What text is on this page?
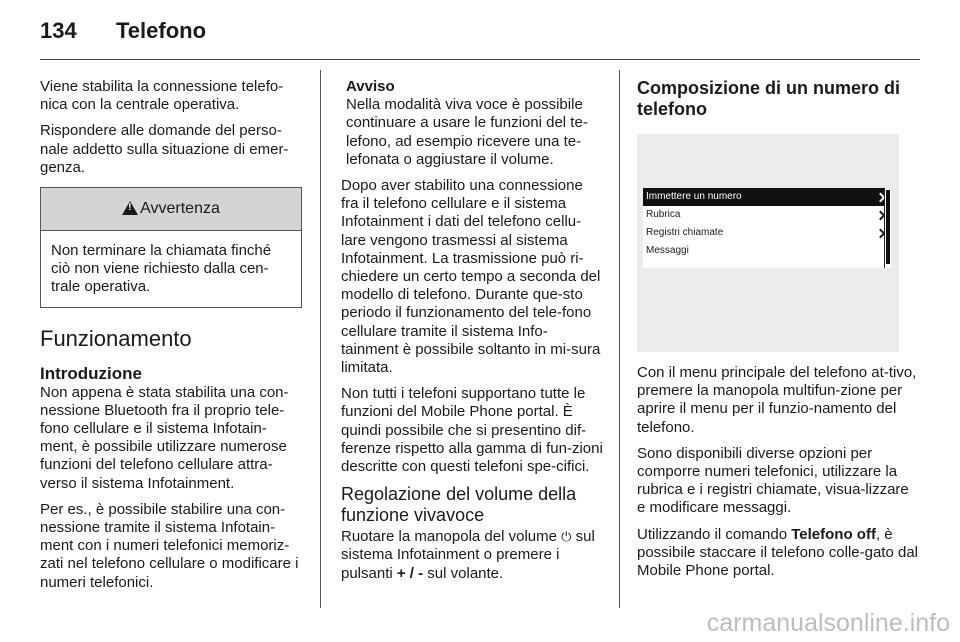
134 Telefono

Viene stabilita la connessione telefo-nica con la centrale operativa.

Rispondere alle domande del perso-nale addetto sulla situazione di emer-genza.

!
Avvertenza
Non terminare la chiamata finché ciò non viene richiesto dalla cen-trale operativa.
Funzionamento
Introduzione

Non appena è stata stabilita una con-nessione Bluetooth fra il proprio tele-fono cellulare e il sistema Infotain-ment, è possibile utilizzare numerose funzioni del telefono cellulare attra-verso il sistema Infotainment.

Per es., è possibile stabilire una con-nessione tramite il sistema Infotain-ment con i numeri telefonici memoriz-zati nel telefono cellulare o modificare i numeri telefonici.

Avviso
Nella modalità viva voce è possibile continuare a usare le funzioni del te-lefono, ad esempio ricevere una te-lefonata o aggiustare il volume.

Dopo aver stabilito una connessione fra il telefono cellulare e il sistema Infotainment i dati del telefono cellu-lare vengono trasmessi al sistema Infotainment. La trasmissione può ri-chiedere un certo tempo a seconda del modello di telefono. Durante que-sto periodo il funzionamento del tele-fono cellulare tramite il sistema Info-tainment è possibile soltanto in mi-sura limitata.

Non tutti i telefoni supportano tutte le funzioni del Mobile Phone portal. È quindi possibile che si presentino dif-ferenze rispetto alla gamma di fun-zioni descritte con questi telefoni spe-cifici.

Regolazione del volume della funzione vivavoce

Ruotare la manopola del volume ⏻ sul sistema Infotainment o premere i pulsanti + / - sul volante.

Composizione di un numero di telefono
Immettere un numero
Rubrica
Registri chiamate
Messaggi

Con il menu principale del telefono at-tivo, premere la manopola multifun-zione per aprire il menu per il funzio-namento del telefono.

Sono disponibili diverse opzioni per comporre numeri telefonici, utilizzare la rubrica e i registri chiamate, visua-lizzare e modificare messaggi.

Utilizzando il comando Telefono off, è possibile staccare il telefono colle-gato dal Mobile Phone portal.

carmanualsonline.info
